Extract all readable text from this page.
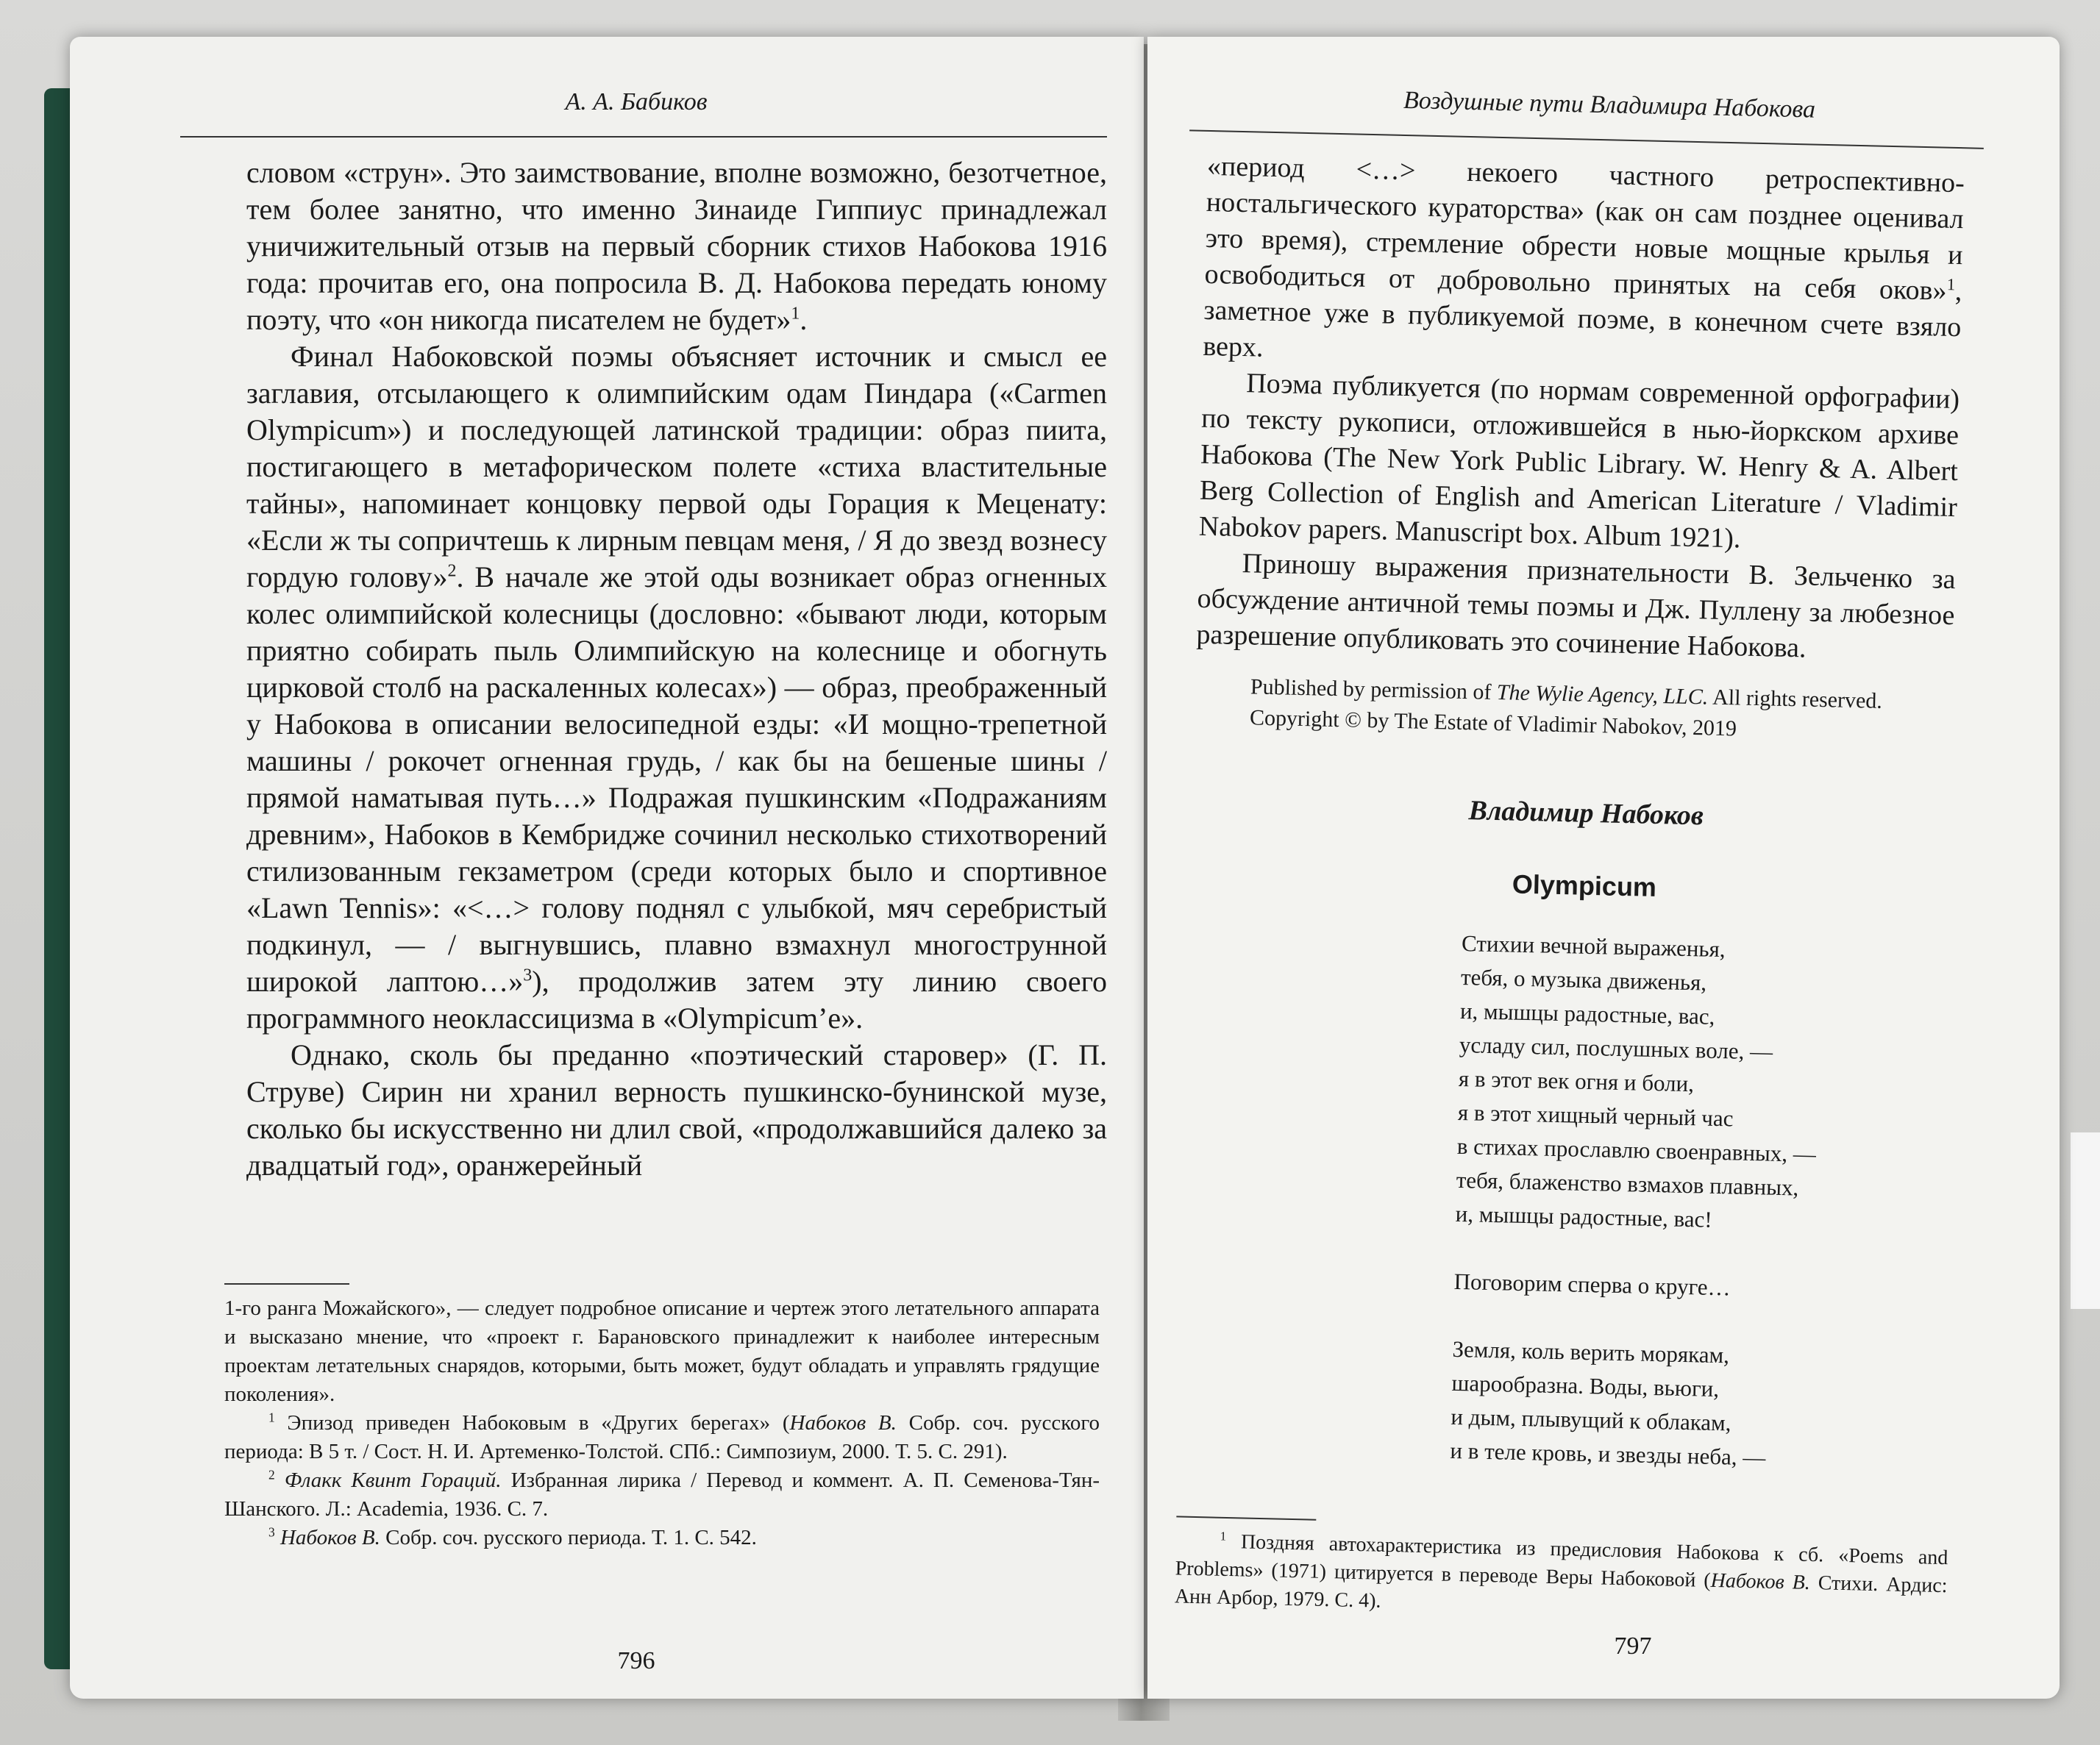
А. А. Бабиков

словом «струн». Это заимствование, вполне возможно, безотчетное, тем более занятно, что именно Зинаиде Гиппиус принадлежал уничижительный отзыв на первый сборник стихов Набокова 1916 года: прочитав его, она попросила В. Д. Набокова передать юному поэту, что «он никогда писателем не будет»$^1$.

Финал Набоковской поэмы объясняет источник и смысл ее заглавия, отсылающего к олимпийским одам Пиндара («Carmen Olympicum») и последующей латинской традиции: образ пиита, постигающего в метафорическом полете «стиха властительные тайны», напоминает концовку первой оды Горация к Меценату: «Если ж ты сопричтешь к лирным певцам меня, / Я до звезд вознесу гордую голову»$^2$. В начале же этой оды возникает образ огненных колес олимпийской колесницы (дословно: «бывают люди, которым приятно собирать пыль Олимпийскую на колеснице и обогнуть цирковой столб на раскаленных колесах») — образ, преображенный у Набокова в описании велосипедной езды: «И мощно-трепетной машины / рокочет огненная грудь, / как бы на бешеные шины / прямой наматывая путь…» Подражая пушкинским «Подражаниям древним», Набоков в Кембридже сочинил несколько стихотворений стилизованным гекзаметром (среди которых было и спортивное «Lawn Tennis»: «<…> голову поднял с улыбкой, мяч серебристый подкинул, — / выгнувшись, плавно взмахнул многострунной широкой лаптою…»$^3$), продолжив затем эту линию своего программного неоклассицизма в «Olympicum’е».

Однако, сколь бы преданно «поэтический старовер» (Г. П. Струве) Сирин ни хранил верность пушкинско-бунинской музе, сколько бы искусственно ни длил свой, «продолжавшийся далеко за двадцатый год», оранжерейный

1-го ранга Можайского», — следует подробное описание и чертеж этого летательного аппарата и высказано мнение, что «проект г. Барановского принадлежит к наиболее интересным проектам летательных снарядов, которыми, быть может, будут обладать и управлять грядущие поколения».

$^1$ Эпизод приведен Набоковым в «Других берегах» (Набоков В. Собр. соч. русского периода: В 5 т. / Сост. Н. И. Артеменко-Толстой. СПб.: Симпозиум, 2000. Т. 5. С. 291).

$^2$ Флакк Квинт Гораций. Избранная лирика / Перевод и коммент. А. П. Семенова-Тян-Шанского. Л.: Academia, 1936. С. 7.

$^3$ Набоков В. Собр. соч. русского периода. Т. 1. С. 542.

796
Воздушные пути Владимира Набокова

«период <…> некоего частного ретроспективно-ностальгического кураторства» (как он сам позднее оценивал это время), стремление обрести новые мощные крылья и освободиться от добровольно принятых на себя оков»$^1$, заметное уже в публикуемой поэме, в конечном счете взяло верх.

Поэма публикуется (по нормам современной орфографии) по тексту рукописи, отложившейся в нью-йоркском архиве Набокова (The New York Public Library. W. Henry & A. Albert Berg Collection of English and American Literature / Vladimir Nabokov papers. Manuscript box. Album 1921).

Приношу выражения признательности В. Зельченко за обсуждение античной темы поэмы и Дж. Пуллену за любезное разрешение опубликовать это сочинение Набокова.

Published by permission of The Wylie Agency, LLC. All rights reserved.
Copyright © by The Estate of Vladimir Nabokov, 2019
Владимир Набоков
Olympicum
Стихии вечной выраженья,
тебя, о музыка движенья,
и, мышцы радостные, вас,
усладу сил, послушных воле, —
я в этот век огня и боли,
я в этот хищный черный час
в стихах прославлю своенравных, —
тебя, блаженство взмахов плавных,
и, мышцы радостные, вас!
Поговорим сперва о круге…
Земля, коль верить морякам,
шарообразна. Воды, вьюги,
и дым, плывущий к облакам,
и в теле кровь, и звезды неба, —

$^1$ Поздняя автохарактеристика из предисловия Набокова к сб. «Poems and Problems» (1971) цитируется в переводе Веры Набоковой (Набоков В. Стихи. Ардис: Анн Арбор, 1979. С. 4).

797
